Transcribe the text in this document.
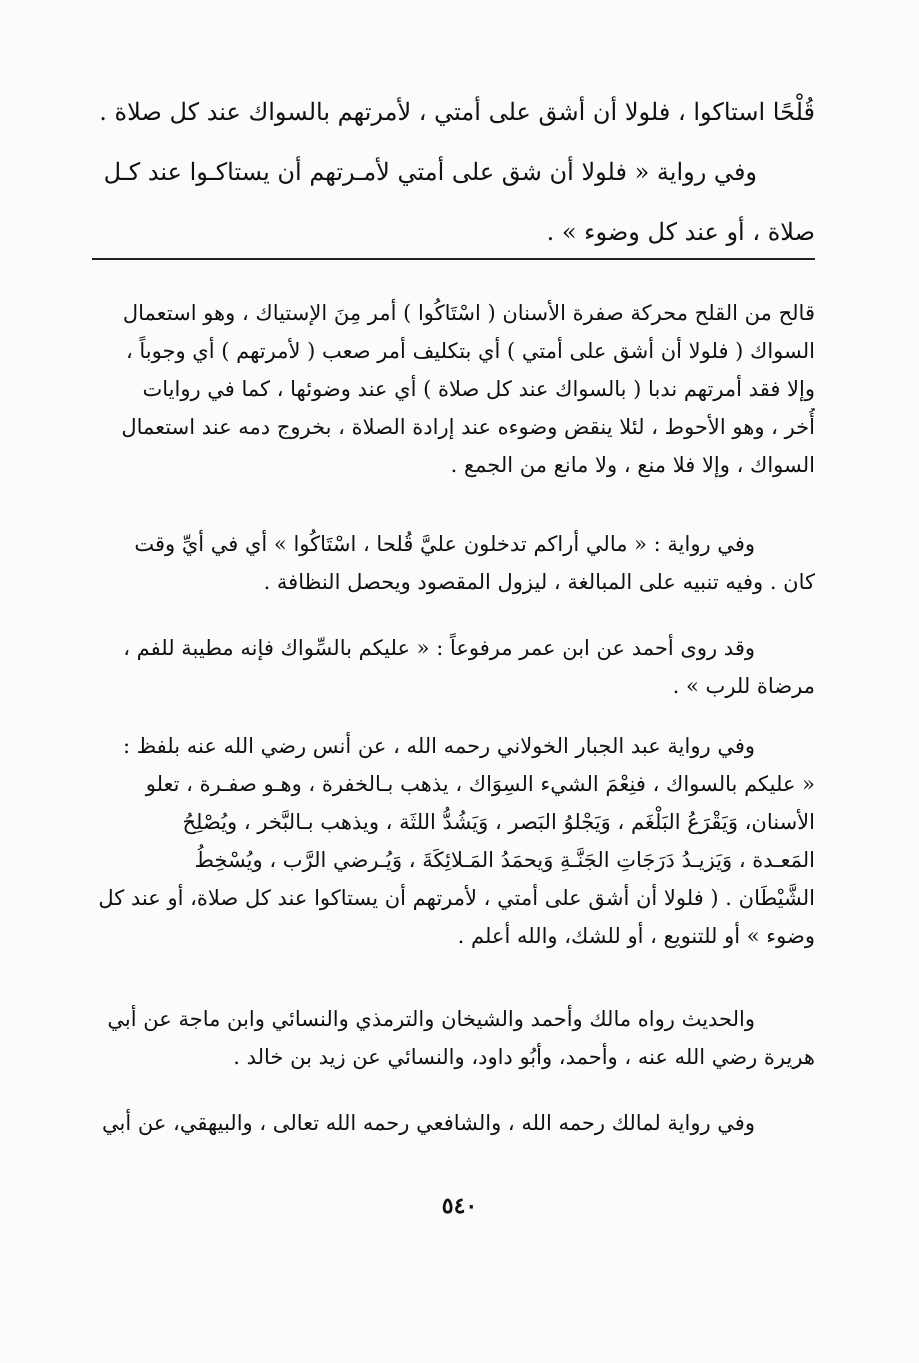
قُلْحًا استاكوا ، فلولا أن أشق على أمتي ، لأمرتهم بالسواك عند كل صلاة .
وفي رواية « فلولا أن شق على أمتي لأمـرتهم أن يستاكـوا عند كـل
صلاة ، أو عند كل وضوء » .
قالح من القلح محركة صفرة الأسنان ( اسْتَاكُوا ) أمر مِنَ الإستياك ، وهو استعمال
السواك ( فلولا أن أشق على أمتي ) أي بتكليف أمر صعب ( لأمرتهم ) أي وجوباً ،
وإلا فقد أمرتهم ندبا ( بالسواك عند كل صلاة ) أي عند وضوئها ، كما في روايات
أُخر ، وهو الأحوط ، لئلا ينقض وضوءه عند إرادة الصلاة ، بخروج دمه عند استعمال
السواك ، وإلا فلا منع ، ولا مانع من الجمع .
وفي رواية : « مالي أراكم تدخلون عليَّ قُلحا ، اسْتَاكُوا » أي في أيِّ وقت
كان . وفيه تنبيه على المبالغة ، ليزول المقصود ويحصل النظافة .
وقد روى أحمد عن ابن عمر مرفوعاً : « عليكم بالسِّواك فإنه مطيبة للفم ،
مرضاة للرب » .
وفي رواية عبد الجبار الخولاني رحمه الله ، عن أنس رضي الله عنه بلفظ :
« عليكم بالسواك ، فنِعْمَ الشيء السِوَاك ، يذهب بـالخفرة ، وهـو صفـرة ، تعلو
الأسنان، وَيَقْرَعُ البَلْغَم ، وَيَجْلوُ البَصر ، وَيَشُدُّ اللثَة ، ويذهب بـالبَّخر ، ويُصْلِحُ
المَعـدة ، وَيَزيـدُ دَرَجَاتِ الجَنَّـةِ وَيحمَدُ المَـلائِكَةَ ، وَيُـرضي الرَّب ، ويُسْخِطُ
الشَّيْطَان . ( فلولا أن أشق على أمتي ، لأمرتهم أن يستاكوا عند كل صلاة، أو عند كل
وضوء » أو للتنويع ، أو للشك، والله أعلم .
والحديث رواه مالك وأحمد والشيخان والترمذي والنسائي وابن ماجة عن أبي
هريرة رضي الله عنه ، وأحمد، وأبُو داود، والنسائي عن زيد بن خالد .
وفي رواية لمالك رحمه الله ، والشافعي رحمه الله تعالى ، والبيهقي، عن أبي
٥٤٠
